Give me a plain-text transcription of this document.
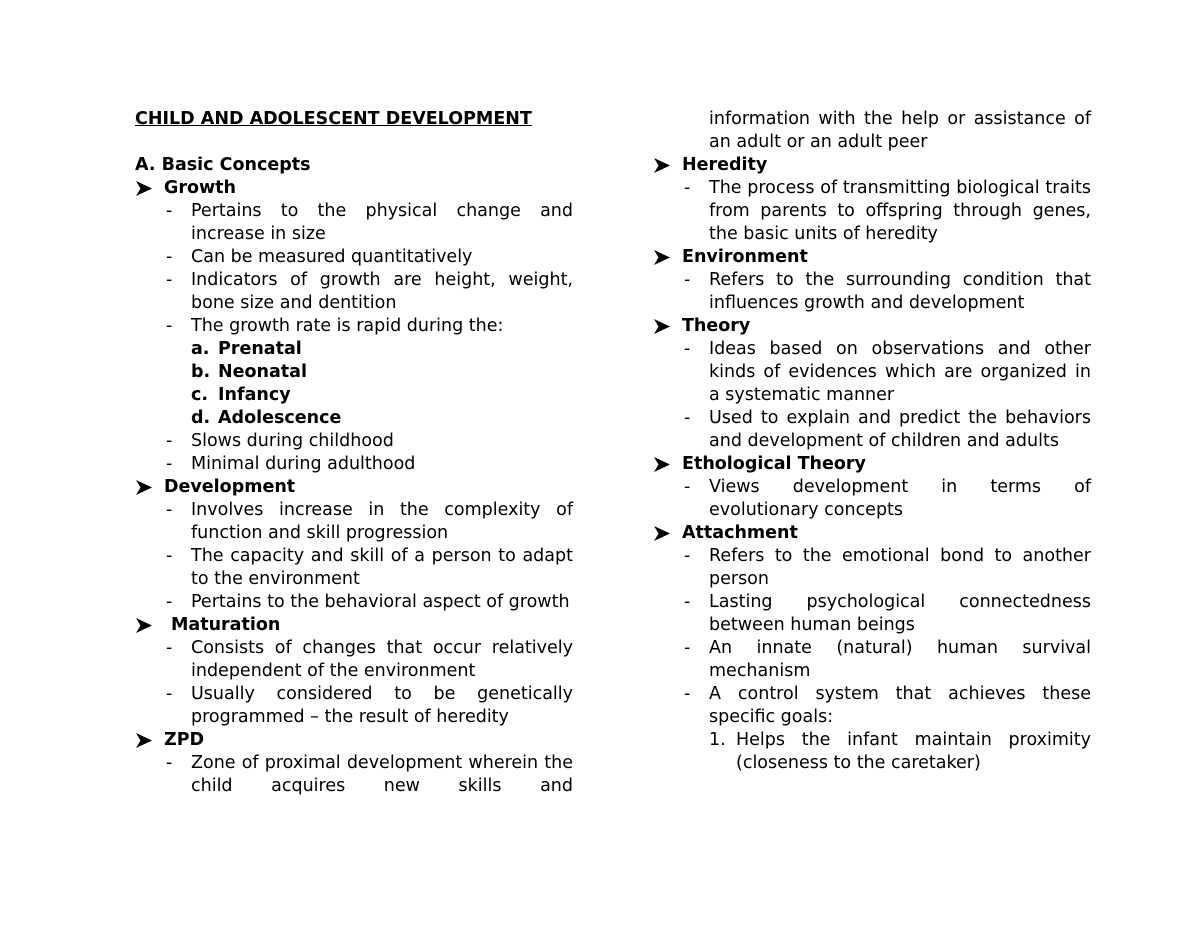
CHILD AND ADOLESCENT DEVELOPMENT
A. Basic Concepts
Growth
- Pertains to the physical change and increase in size
- Can be measured quantitatively
- Indicators of growth are height, weight, bone size and dentition
- The growth rate is rapid during the:
a. Prenatal
b. Neonatal
c. Infancy
d. Adolescence
- Slows during childhood
- Minimal during adulthood
Development
- Involves increase in the complexity of function and skill progression
- The capacity and skill of a person to adapt to the environment
- Pertains to the behavioral aspect of growth
Maturation
- Consists of changes that occur relatively independent of the environment
- Usually considered to be genetically programmed – the result of heredity
ZPD
- Zone of proximal development wherein the child acquires new skills and
information with the help or assistance of an adult or an adult peer
Heredity
- The process of transmitting biological traits from parents to offspring through genes, the basic units of heredity
Environment
- Refers to the surrounding condition that influences growth and development
Theory
- Ideas based on observations and other kinds of evidences which are organized in a systematic manner
- Used to explain and predict the behaviors and development of children and adults
Ethological Theory
- Views development in terms of evolutionary concepts
Attachment
- Refers to the emotional bond to another person
- Lasting psychological connectedness between human beings
- An innate (natural) human survival mechanism
- A control system that achieves these specific goals:
1. Helps the infant maintain proximity (closeness to the caretaker)
